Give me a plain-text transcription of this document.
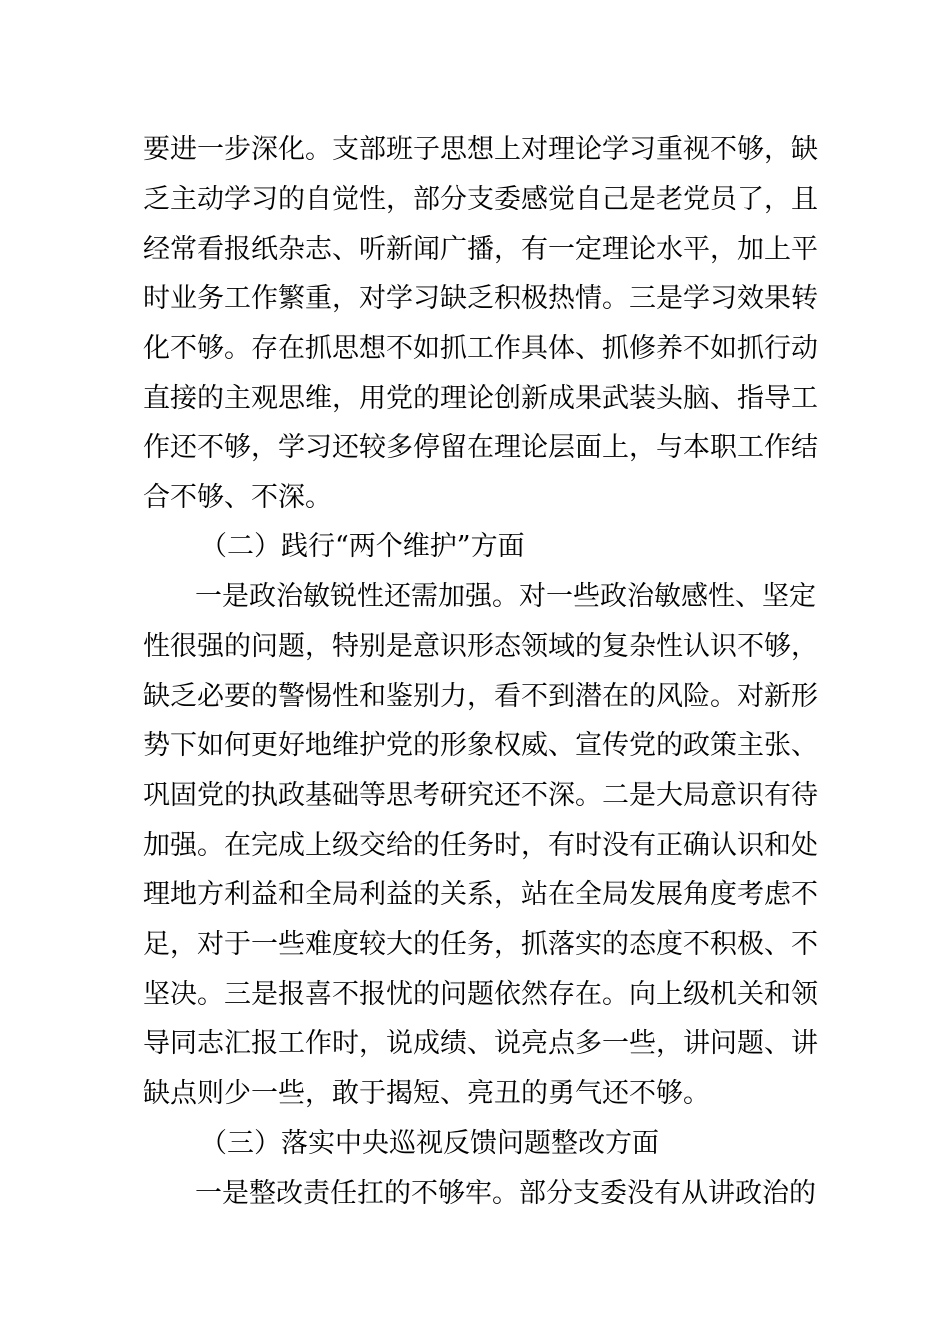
要进一步深化。支部班子思想上对理论学习重视不够，缺
乏主动学习的自觉性，部分支委感觉自己是老党员了，且
经常看报纸杂志、听新闻广播，有一定理论水平，加上平
时业务工作繁重，对学习缺乏积极热情。三是学习效果转
化不够。存在抓思想不如抓工作具体、抓修养不如抓行动
直接的主观思维，用党的理论创新成果武装头脑、指导工
作还不够，学习还较多停留在理论层面上，与本职工作结
合不够、不深。
（二）践行“两个维护”方面
一是政治敏锐性还需加强。对一些政治敏感性、坚定
性很强的问题，特别是意识形态领域的复杂性认识不够，
缺乏必要的警惕性和鉴别力，看不到潜在的风险。对新形
势下如何更好地维护党的形象权威、宣传党的政策主张、
巩固党的执政基础等思考研究还不深。二是大局意识有待
加强。在完成上级交给的任务时，有时没有正确认识和处
理地方利益和全局利益的关系，站在全局发展角度考虑不
足，对于一些难度较大的任务，抓落实的态度不积极、不
坚决。三是报喜不报忧的问题依然存在。向上级机关和领
导同志汇报工作时，说成绩、说亮点多一些，讲问题、讲
缺点则少一些，敢于揭短、亮丑的勇气还不够。
（三）落实中央巡视反馈问题整改方面
一是整改责任扛的不够牢。部分支委没有从讲政治的
